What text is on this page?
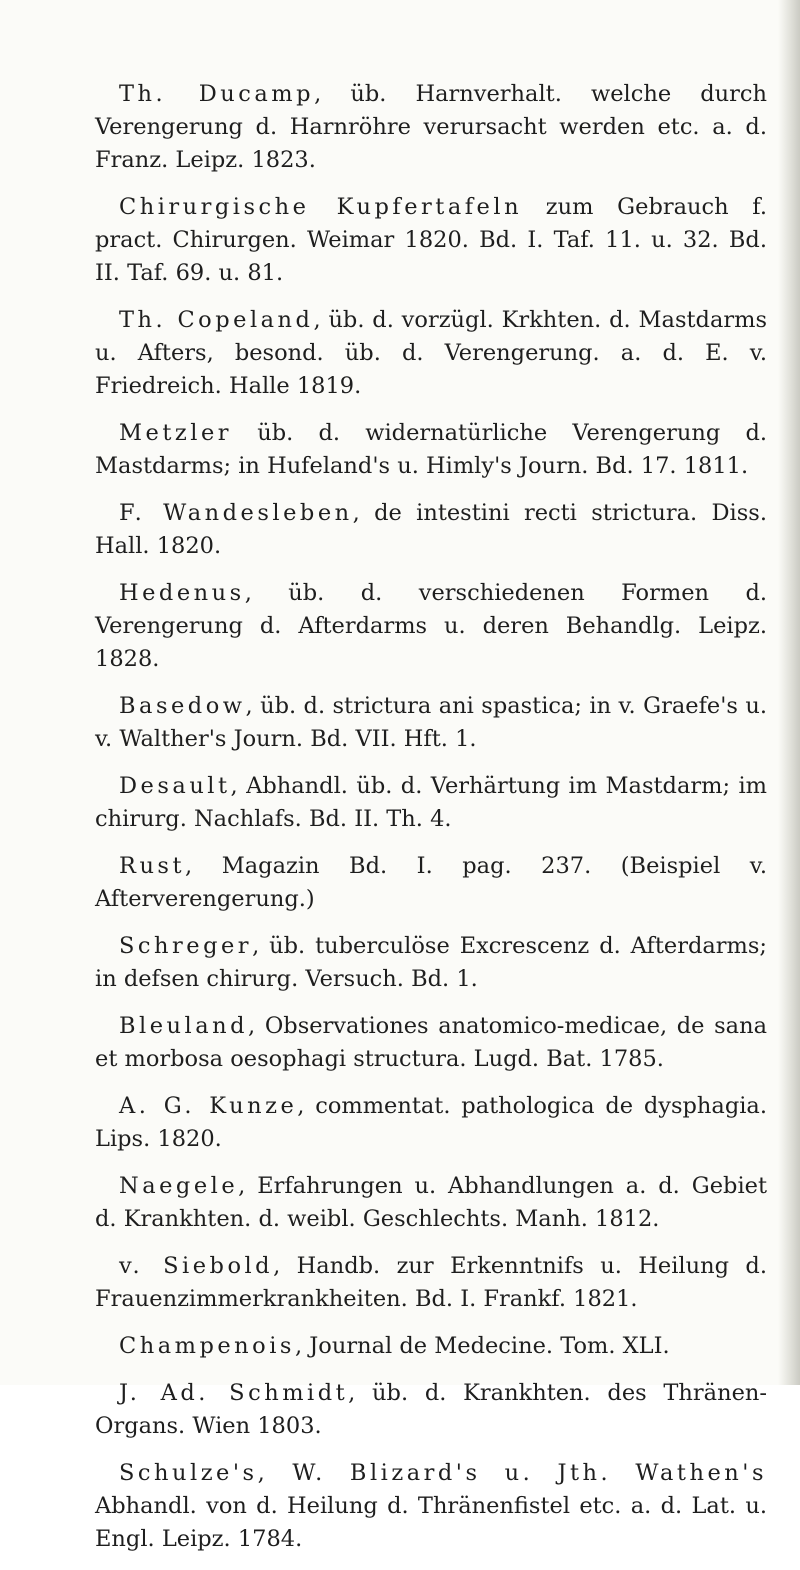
Th. Ducamp, üb. Harnverhalt. welche durch Verengerung d. Harnröhre verursacht werden etc. a. d. Franz. Leipz. 1823.

Chirurgische Kupfertafeln zum Gebrauch f. pract. Chirurgen. Weimar 1820. Bd. I. Taf. 11. u. 32. Bd. II. Taf. 69. u. 81.

Th. Copeland, üb. d. vorzügl. Krkhten. d. Mastdarms u. Afters, besond. üb. d. Verengerung. a. d. E. v. Friedreich. Halle 1819.

Metzler üb. d. widernatürliche Verengerung d. Mastdarms; in Hufeland's u. Himly's Journ. Bd. 17. 1811.

F. Wandesleben, de intestini recti strictura. Diss. Hall. 1820.

Hedenus, üb. d. verschiedenen Formen d. Verengerung d. Afterdarms u. deren Behandlg. Leipz. 1828.

Basedow, üb. d. strictura ani spastica; in v. Graefe's u. v. Walther's Journ. Bd. VII. Hft. 1.

Desault, Abhandl. üb. d. Verhärtung im Mastdarm; im chirurg. Nachlafs. Bd. II. Th. 4.

Rust, Magazin Bd. I. pag. 237. (Beispiel v. Afterverengerung.)

Schreger, üb. tuberculöse Excrescenz d. Afterdarms; in defsen chirurg. Versuch. Bd. 1.

Bleuland, Observationes anatomico-medicae, de sana et morbosa oesophagi structura. Lugd. Bat. 1785.

A. G. Kunze, commentat. pathologica de dysphagia. Lips. 1820.

Naegele, Erfahrungen u. Abhandlungen a. d. Gebiet d. Krankhten. d. weibl. Geschlechts. Manh. 1812.

v. Siebold, Handb. zur Erkenntnifs u. Heilung d. Frauenzimmerkrankheiten. Bd. I. Frankf. 1821.

Champenois, Journal de Medecine. Tom. XLI.

J. Ad. Schmidt, üb. d. Krankhten. des Thränen-Organs. Wien 1803.

Schulze's, W. Blizard's u. Jth. Wathen's Abhandl. von d. Heilung d. Thränenfistel etc. a. d. Lat. u. Engl. Leipz. 1784.
